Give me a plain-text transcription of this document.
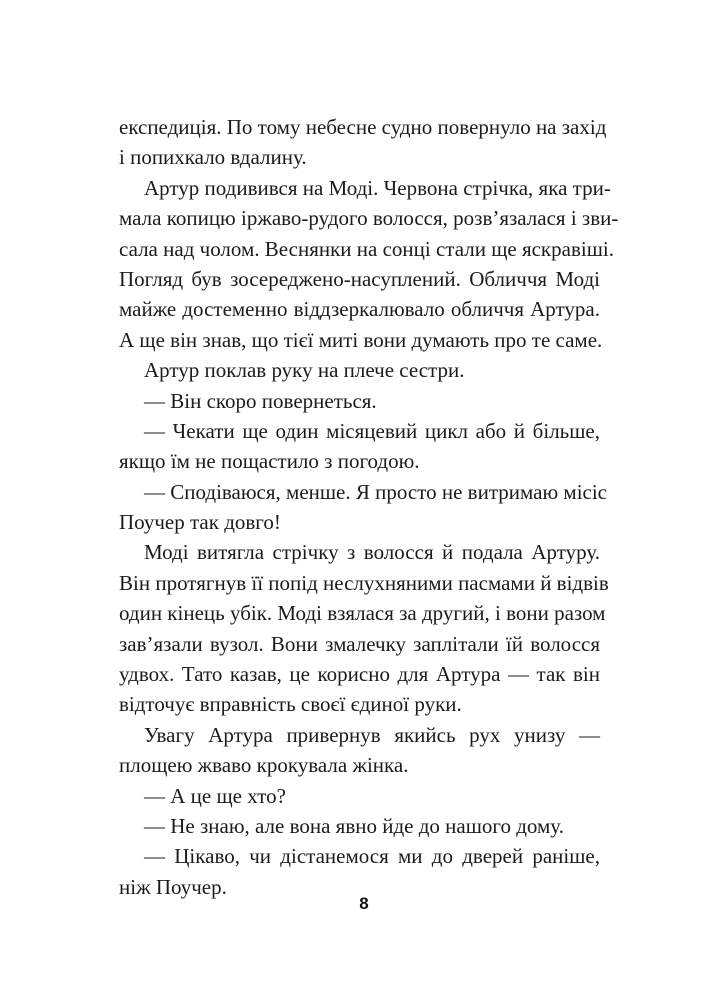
експедиція. По тому небесне судно повернуло на захід
і попихкало вдалину.
Артур подивився на Моді. Червона стрічка, яка три-
мала копицю іржаво-рудого волосся, розв’язалася і зви-
сала над чолом. Веснянки на сонці стали ще яскравіші.
Погляд був зосереджено-насуплений. Обличчя Моді
майже достеменно віддзеркалювало обличчя Артура.
А ще він знав, що тієї миті вони думають про те саме.
Артур поклав руку на плече сестри.
— Він скоро повернеться.
— Чекати ще один місяцевий цикл або й більше,
якщо їм не пощастило з погодою.
— Сподіваюся, менше. Я просто не витримаю місіс
Поучер так довго!
Моді витягла стрічку з волосся й подала Артуру.
Він протягнув її попід неслухняними пасмами й відвів
один кінець убік. Моді взялася за другий, і вони разом
зав’язали вузол. Вони змалечку заплітали їй волосся
удвох. Тато казав, це корисно для Артура — так він
відточує вправність своєї єдиної руки.
Увагу Артура привернув якийсь рух унизу —
площею жваво крокувала жінка.
— А це ще хто?
— Не знаю, але вона явно йде до нашого дому.
— Цікаво, чи дістанемося ми до дверей раніше,
ніж Поучер.
8
